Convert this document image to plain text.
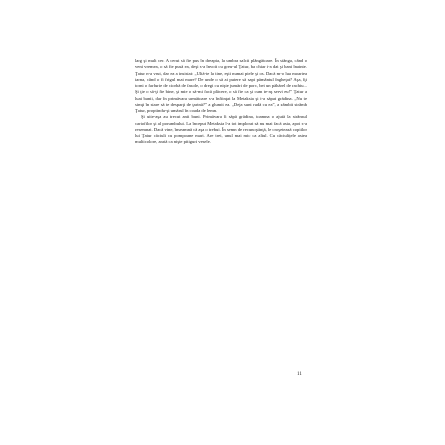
larg şi mult cer. A cerut să fie pus în dreapta, la umbra salcii plângătoare. În stânga, când o veni vremea, o să fie pusă ea, deşi s-a învoit cu greu-ul Ţatur, ba chiar i-a dat şi bani înainte. Ţatur n-a vrut, dar ea a insistat: „Ultă-te la tine, eşti numai piele şi os. Dacă m-o lua moartea iarna, când o fi frigul mai mare? De unde o să ai putere să sapi pământul îngheţat? Aşa, îţi torni o farfurie de ciorbă de fasole, o dregi cu nişte jumări de porc, bei un păhărel de rachiu... Şi ţie o să-ţi fie bine, şi mie o să-mi facă plăcere, o să fie ca şi cum te-aş servi eu!” Ţatur a luat banii, dar în primăvara următoare s-a înfiinţat la Metaksia şi i-a săpat grădina. „Nu te simţi în stare să te desparţi de ţarină?” a glumit ea. „Deja sunt rudă cu ea”, a zâmbit strâmb Ţatur, proptindu-şi umărul în coada de lemn.

Şi uite-aşa au trecut anii buni. Primăvara îi săpă grădina, toamna o ajută la strânsul cartofilor şi al porumbului. La început Metaksia l-a tot implorat să nu mai facă asta, apoi s-a resemnat. Dacă vine, înseamnă că aşa o trebui. În semn de recunoştinţă, le croşetează copiilor lui Ţatur căciuli cu pompoane mari. Are trei, unul mai mic ca altul. Cu căciulițele astea multicolore, arată ca nişte pitiguri vesele.

11
